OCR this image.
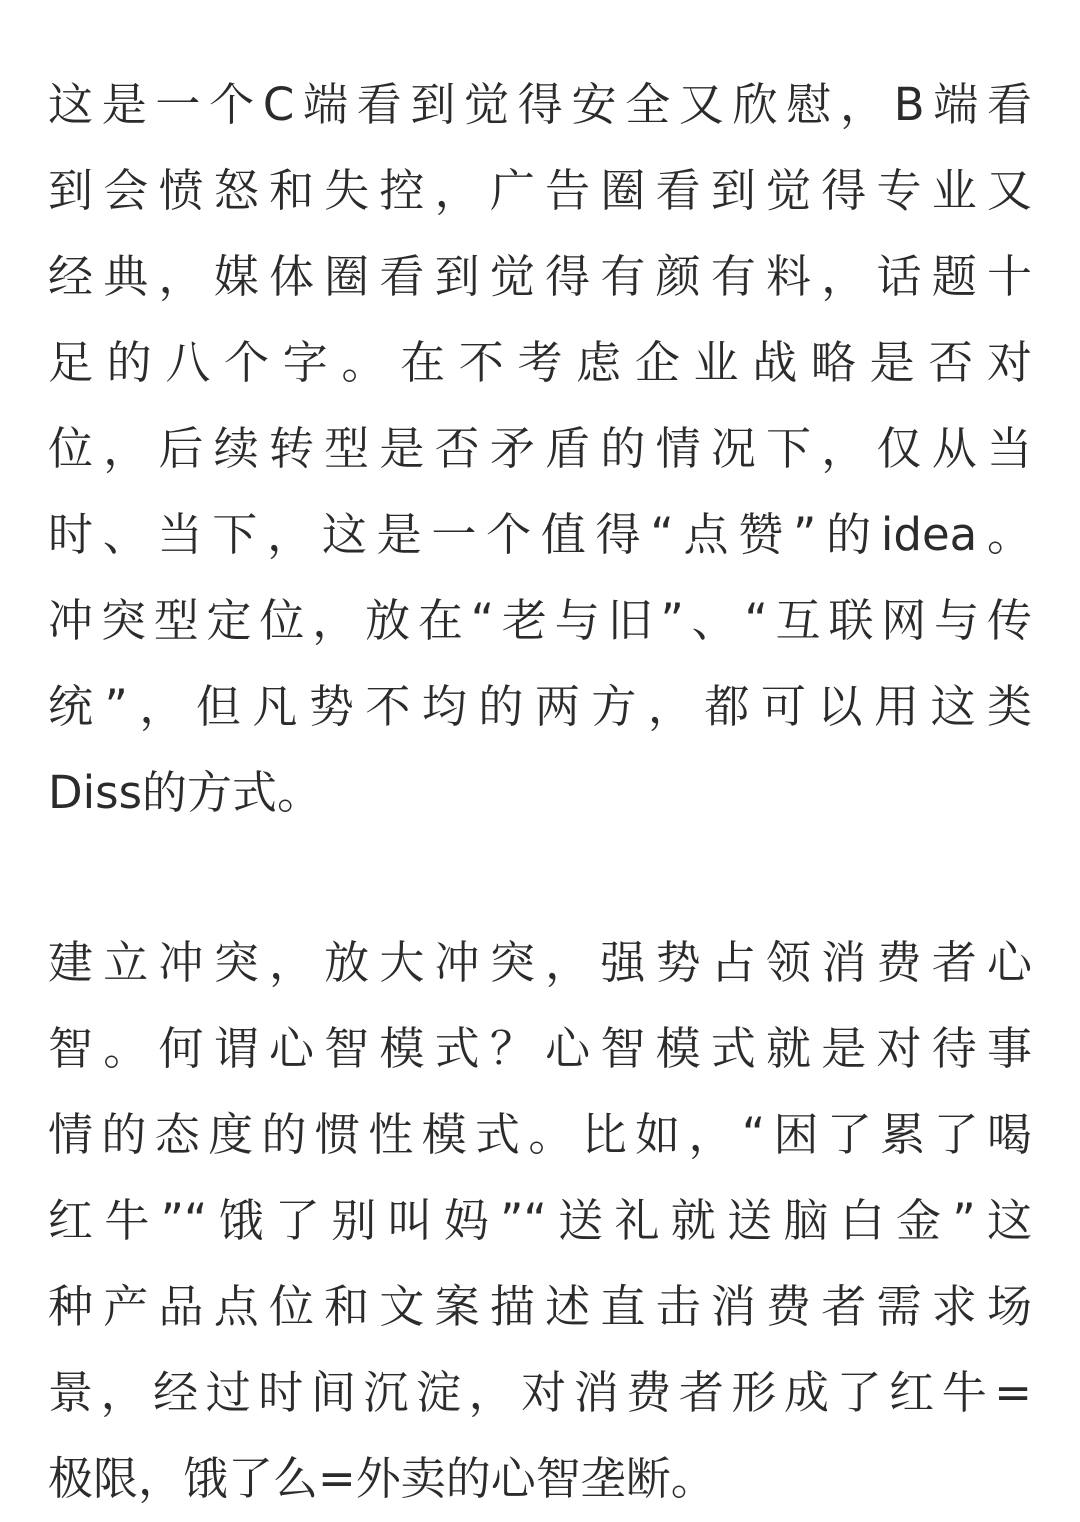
这是一个C端看到觉得安全又欣慰，B端看
到会愤怒和失控，广告圈看到觉得专业又
经典，媒体圈看到觉得有颜有料，话题十
足的八个字。在不考虑企业战略是否对
位，后续转型是否矛盾的情况下，仅从当
时、当下，这是一个值得“点赞”的idea。
冲突型定位，放在“老与旧”、“互联网与传
统”，但凡势不均的两方，都可以用这类
Diss的方式。
建立冲突，放大冲突，强势占领消费者心
智。何谓心智模式？心智模式就是对待事
情的态度的惯性模式。比如，“困了累了喝
红牛”“饿了别叫妈”“送礼就送脑白金”这
种产品点位和文案描述直击消费者需求场
景，经过时间沉淀，对消费者形成了红牛=
极限，饿了么=外卖的心智垄断。
